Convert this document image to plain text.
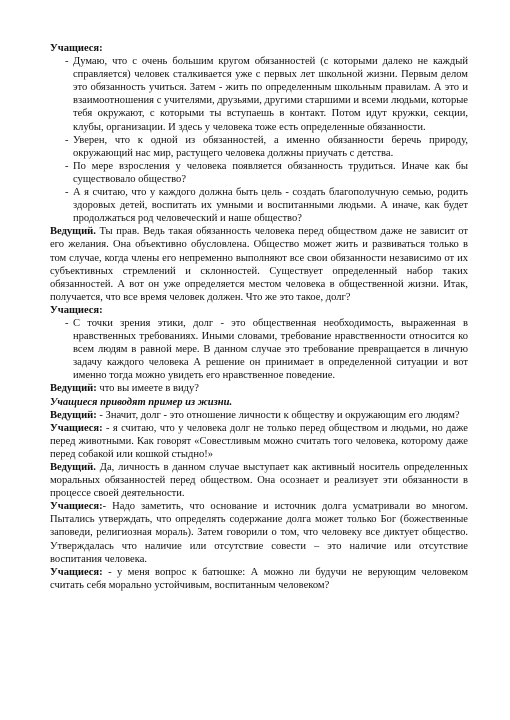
Учащиеся:
- Думаю, что с очень большим кругом обязанностей (с которыми далеко не каждый справляется) человек сталкивается уже с первых лет школьной жизни. Первым делом это обязанность учиться. Затем - жить по определенным школьным правилам. А это и взаимоотношения с учителями, друзьями, другими старшими и всеми людьми, которые тебя окружают, с которыми ты вступаешь в контакт. Потом идут кружки, секции, клубы, организации. И здесь у человека тоже есть определенные обязанности.
- Уверен, что к одной из обязанностей, а именно обязанности беречь природу, окружающий нас мир, растущего человека должны приучать с детства.
- По мере взросления у человека появляется обязанность трудиться. Иначе как бы существовало общество?
- А я считаю, что у каждого должна быть цель - создать благополучную семью, родить здоровых детей, воспитать их умными и воспитанными людьми. А иначе, как будет продолжаться род человеческий и наше общество?

Ведущий. Ты прав. Ведь такая обязанность человека перед обществом даже не зависит от его желания. Она объективно обусловлена. Общество может жить и развиваться только в том случае, когда члены его непременно выполняют все свои обязанности независимо от их субъективных стремлений и склонностей. Существует определенный набор таких обязанностей. А вот он уже определяется местом человека в общественной жизни. Итак, получается, что все время человек должен. Что же это такое, долг?

Учащиеся:
- С точки зрения этики, долг - это общественная необходимость, выраженная в нравственных требованиях. Иными словами, требование нравственности относится ко всем людям в равной мере. В данном случае это требование превращается в личную задачу каждого человека А решение он принимает в определенной ситуации и вот именно тогда можно увидеть его нравственное поведение.

Ведущий: что вы имеете в виду?

Учащиеся приводят пример из жизни.

Ведущий: - Значит, долг - это отношение личности к обществу и окружающим его людям?

Учащиеся: - я считаю, что у человека долг не только перед обществом и людьми, но даже перед животными. Как говорят «Совестливым можно считать того человека, которому даже перед собакой или кошкой стыдно!»

Ведущий. Да, личность в данном случае выступает как активный носитель определенных моральных обязанностей перед обществом. Она осознает и реализует эти обязанности в процессе своей деятельности.

Учащиеся:- Надо заметить, что основание и источник долга усматривали во многом. Пытались утверждать, что определять содержание долга может только Бог (божественные заповеди, религиозная мораль). Затем говорили о том, что человеку все диктует общество. Утверждалась что наличие или отсутствие совести – это наличие или отсутствие воспитания человека.

Учащиеся: - у меня вопрос к батюшке: А можно ли будучи не верующим человеком считать себя морально устойчивым, воспитанным человеком?
